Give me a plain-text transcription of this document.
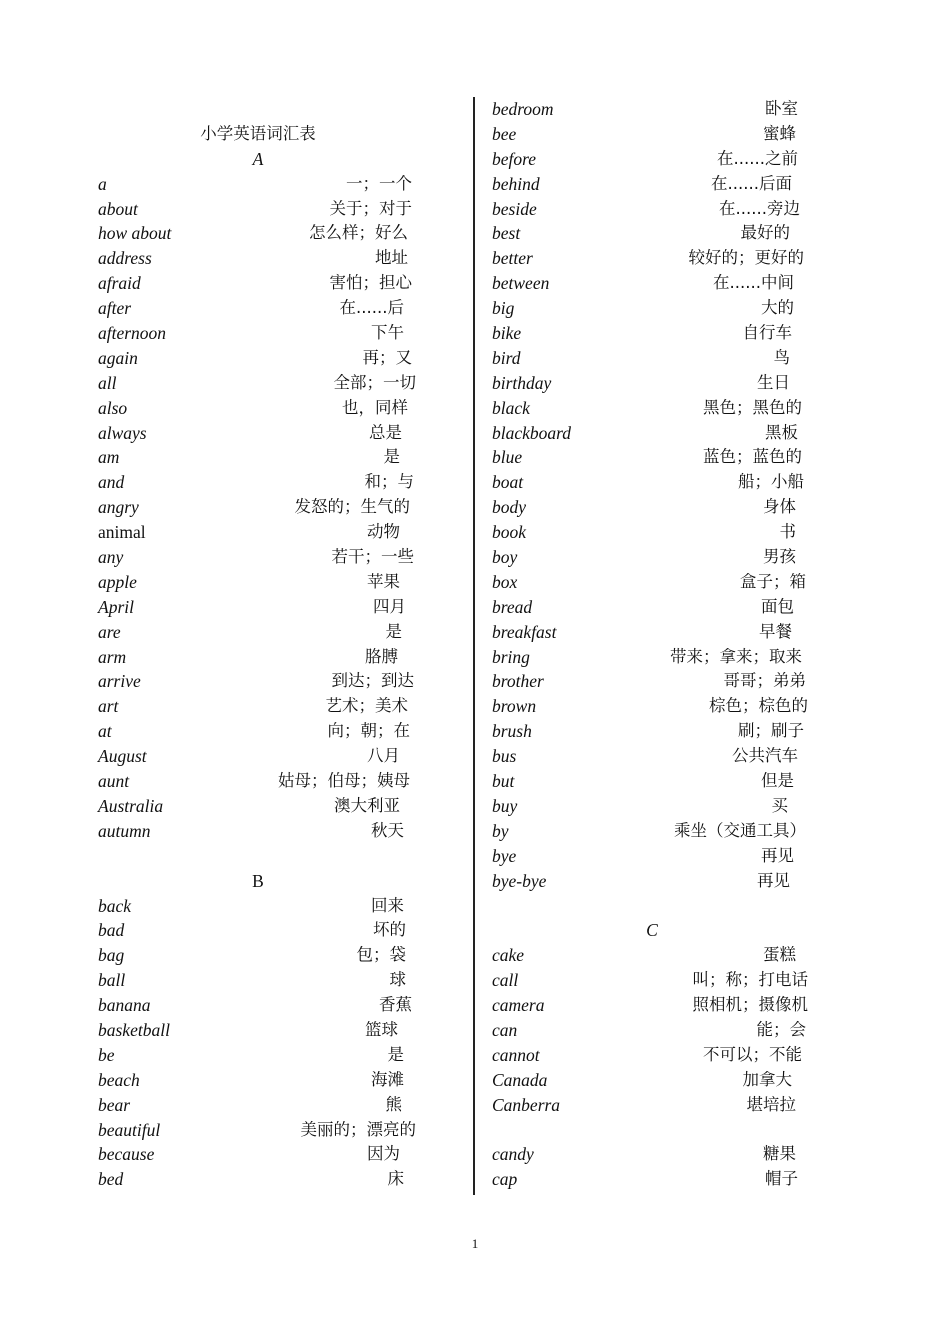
小学英语词汇表
A
a	一；一个
about	关于；对于
how about	怎么样；好么
address	地址
afraid	害怕；担心
after	在......后
afternoon	下午
again	再；又
all	全部；一切
also	也，同样
always	总是
am	是
and	和；与
angry	发怒的；生气的
animal	动物
any	若干；一些
apple	苹果
April	四月
are	是
arm	胳膊
arrive	到达；到达
art	艺术；美术
at	向；朝；在
August	八月
aunt	姑母；伯母；姨母
Australia	澳大利亚
autumn	秋天
B
back	回来
bad	坏的
bag	包；袋
ball	球
banana	香蕉
basketball	篮球
be	是
beach	海滩
bear	熊
beautiful	美丽的；漂亮的
because	因为
bed	床
bedroom	卧室
bee	蜜蜂
before	在......之前
behind	在......后面
beside	在......旁边
best	最好的
better	较好的；更好的
between	在......中间
big	大的
bike	自行车
bird	鸟
birthday	生日
black	黑色；黑色的
blackboard	黑板
blue	蓝色；蓝色的
boat	船；小船
body	身体
book	书
boy	男孩
box	盒子；箱
bread	面包
breakfast	早餐
bring	带来；拿来；取来
brother	哥哥；弟弟
brown	棕色；棕色的
brush	刷；刷子
bus	公共汽车
but	但是
buy	买
by	乘坐（交通工具）
bye	再见
bye-bye	再见
C
cake	蛋糕
call	叫；称；打电话
camera	照相机；摄像机
can	能；会
cannot	不可以；不能
Canada	加拿大
Canberra	堪培拉
candy	糖果
cap	帽子
1
